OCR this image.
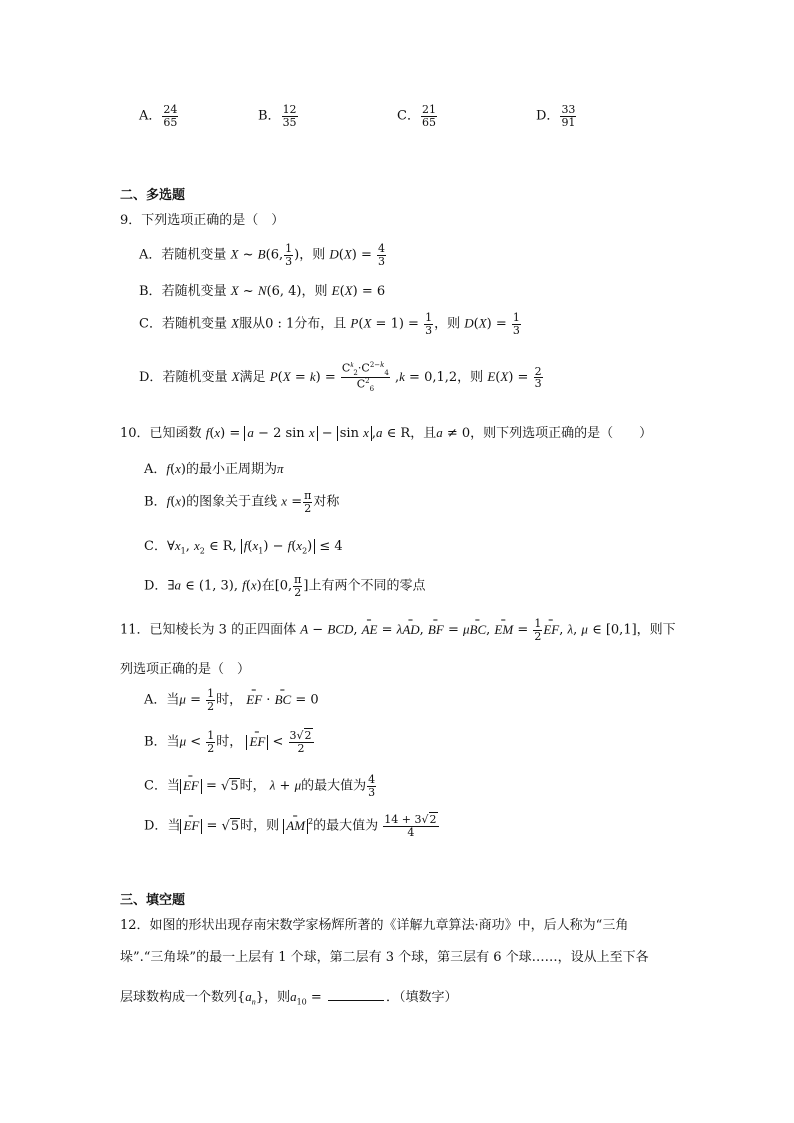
A． $\frac{24}{65}$	B． $\frac{12}{35}$	C． $\frac{21}{65}$	D． $\frac{33}{91}$
二、多选题
9．下列选项正确的是（　）
A．若随机变量 X ~ B(6, $\frac{1}{3}$ )，则 $D(X) = \frac{4}{3}$
B．若随机变量 X ~ N(6, 4)，则 E(X) = 6
C．若随机变量 X服从0 : 1分布，且 $P(X = 1) = \frac{1}{3}$ ，则 $D(X) = \frac{1}{3}$
D．若随机变量 X满足 $P(X = k) = \frac{C^k_2\cdot C^{2-k}_4}{C^2_6} ,k = 0,1,2$，则 $E(X) = \frac{2}{3}$
10．已知函数 f(x) = a − 2 sin x − sin x ,a ∈ R，且a ≠ 0，则下列选项正确的是（　　）
A．f(x)的最小正周期为π
B．f(x)的图象关于直线 $x = \frac{\pi}{2}$ 对称
C．$\forall x_1$, $x_2$ ∈ R, $f(x_1) - f(x_2) \le 4$
D．∃a ∈ (1, 3), f(x)在[0, $\frac{\pi}{2}$ ]上有两个不同的零点
11．已知棱长为 3 的正四面体 A − BCD, ‗ AE = λ‗ AD, ‗ BF = μ‗ BC, ‗ EM = $\frac{1}{2}$ ‗ EF, λ, μ ∈ [0,1]，则下
列选项正确的是（　）
A．当$\mu = \frac{1}{2}$ 时， ‗ EF · ‗ BC = 0
B．当$\mu < \frac{1}{2}$ 时， ‗ EF < $\frac{3√2}{2}$
C．当 ‗ EF = √5时， λ + μ的最大值为 $\frac{4}{3}$
D．当 ‗ EF = √5时，则 ‗ AM $^2$的最大值为 $\frac{14 + 3√2}{4}$
三、填空题
12．如图的形状出现存南宋数学家杨辉所著的《详解九章算法·商功》中，后人称为“三角
垛”.“三角垛”的最一上层有 1 个球，第二层有 3 个球，第三层有 6 个球……，设从上至下各
层球数构成一个数列$\{a_n\}$，则$a_{10}$ =	．（填数字）
